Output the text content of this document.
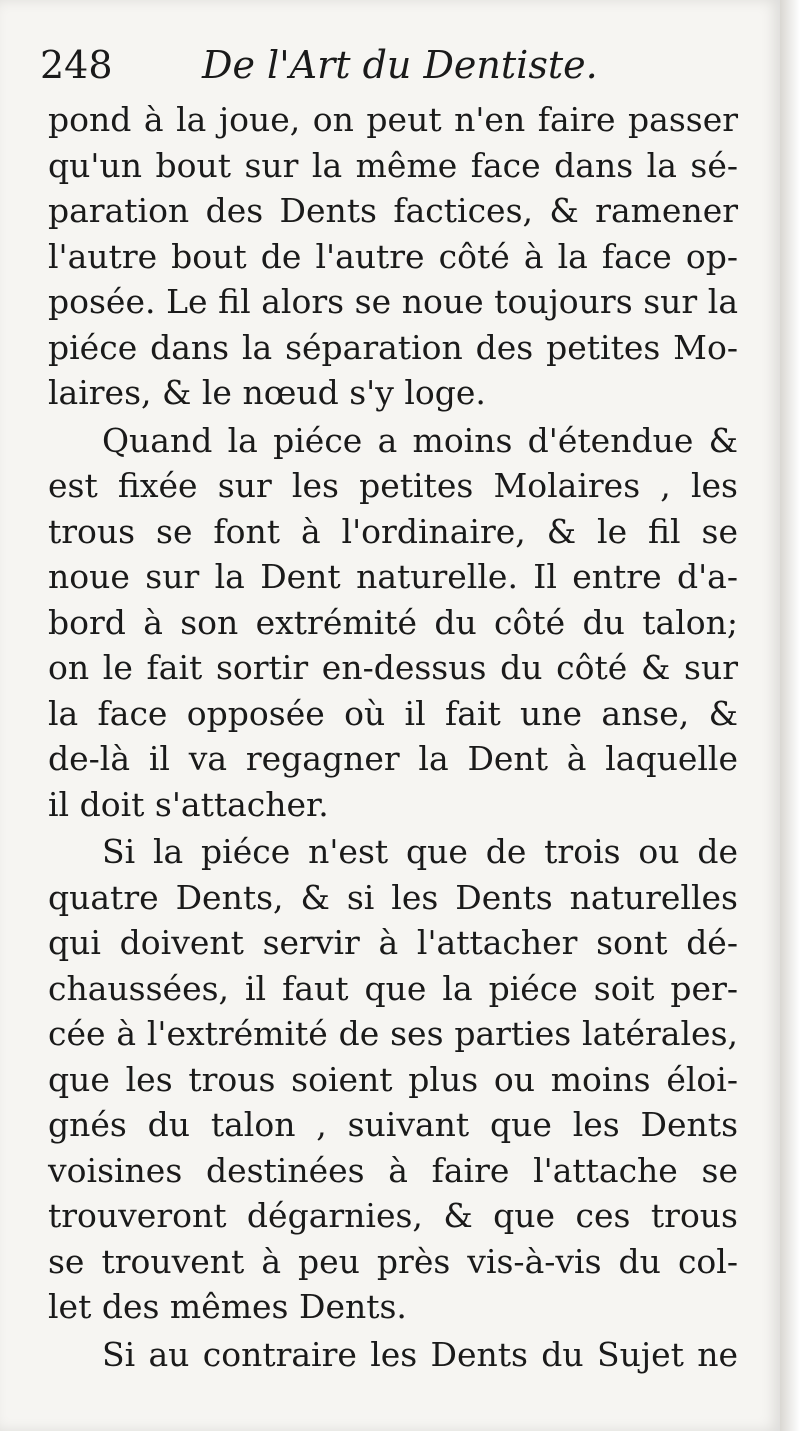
248 De l'Art du Dentiste.
pond à la joue, on peut n'en faire passer
qu'un bout sur la même face dans la sé-
paration des Dents factices, & ramener
l'autre bout de l'autre côté à la face op-
posée. Le fil alors se noue toujours sur la
piéce dans la séparation des petites Mo-
laires, & le nœud s'y loge.
Quand la piéce a moins d'étendue &
est fixée sur les petites Molaires , les
trous se font à l'ordinaire, & le fil se
noue sur la Dent naturelle. Il entre d'a-
bord à son extrémité du côté du talon;
on le fait sortir en-dessus du côté & sur
la face opposée où il fait une anse, &
de-là il va regagner la Dent à laquelle
il doit s'attacher.
Si la piéce n'est que de trois ou de
quatre Dents, & si les Dents naturelles
qui doivent servir à l'attacher sont dé-
chaussées, il faut que la piéce soit per-
cée à l'extrémité de ses parties latérales,
que les trous soient plus ou moins éloi-
gnés du talon , suivant que les Dents
voisines destinées à faire l'attache se
trouveront dégarnies, & que ces trous
se trouvent à peu près vis-à-vis du col-
let des mêmes Dents.
Si au contraire les Dents du Sujet ne
